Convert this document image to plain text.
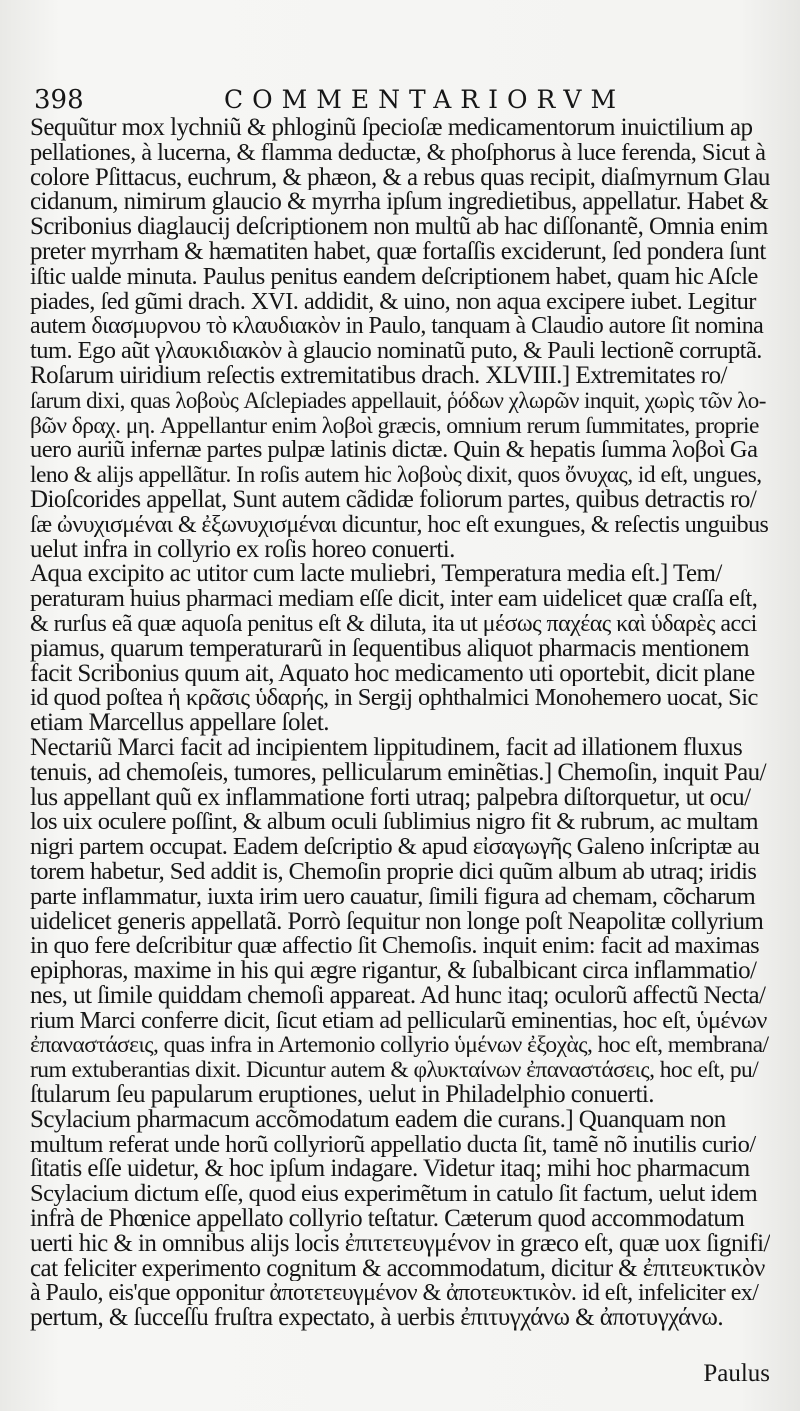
398	COMMENTARIORVM
Sequũtur mox lychniũ & phloginũ ſpecioſæ medicamentorum inuictilium ap
pellationes, à lucerna, & flamma deductæ, & phoſphorus à luce ferenda, Sicut à
colore Pſittacus, euchrum, & phæon, & a rebus quas recipit, diaſmyrnum Glau
cidanum, nimirum glaucio & myrrha ipſum ingredietibus, appellatur. Habet &
Scribonius diaglaucij deſcriptionem non multũ ab hac diſſonantẽ, Omnia enim
preter myrrham & hæmatiten habet, quæ fortaſſis exciderunt, ſed pondera ſunt
iſtic ualde minuta. Paulus penitus eandem deſcriptionem habet, quam hic Aſcle
piades, ſed gũmi drach. XVI. addidit, & uino, non aqua excipere iubet. Legitur
autem διασμυρνου τὸ κλαυδιακὸν in Paulo, tanquam à Claudio autore ſit nomina
tum. Ego aũt γλαυκιδιακὸν à glaucio nominatũ puto, & Pauli lectionẽ corruptã.
Roſarum uiridium reſectis extremitatibus drach. XLVIII.] Extremitates ro/
ſarum dixi, quas λοβοὺς Aſclepiades appellauit, ῥόδων χλωρῶν inquit, χωρὶς τῶν λο-
βῶν δραχ. μη. Appellantur enim λοβοὶ græcis, omnium rerum ſummitates, proprie
uero auriũ infernæ partes pulpæ latinis dictæ. Quin & hepatis ſumma λοβοὶ Ga
leno & alijs appellãtur. In roſis autem hic λοβοὺς dixit, quos ὄνυχας, id eſt, ungues,
Dioſcorides appellat, Sunt autem cãdidæ foliorum partes, quibus detractis ro/
ſæ ὠνυχισμέναι & ἐξωνυχισμέναι dicuntur, hoc eſt exungues, & reſectis unguibus
uelut infra in collyrio ex roſis horeo conuerti.
Aqua excipito ac utitor cum lacte muliebri, Temperatura media eſt.] Tem/
peraturam huius pharmaci mediam eſſe dicit, inter eam uidelicet quæ craſſa eſt,
& rurſus eã quæ aquoſa penitus eſt & diluta, ita ut μέσως παχέας καὶ ὑδαρὲς acci
piamus, quarum temperaturarũ in ſequentibus aliquot pharmacis mentionem
facit Scribonius quum ait, Aquato hoc medicamento uti oportebit, dicit plane
id quod poſtea ἡ κρᾶσις ὑδαρής, in Sergij ophthalmici Monohemero uocat, Sic
etiam Marcellus appellare ſolet.
Nectariũ Marci facit ad incipientem lippitudinem, facit ad illationem fluxus
tenuis, ad chemoſeis, tumores, pellicularum eminẽtias.] Chemoſin, inquit Pau/
lus appellant quũ ex inflammatione forti utraq; palpebra diſtorquetur, ut ocu/
los uix oculere poſſint, & album oculi ſublimius nigro fit & rubrum, ac multam
nigri partem occupat. Eadem deſcriptio & apud εἰσαγωγῆς Galeno inſcriptæ au
torem habetur, Sed addit is, Chemoſin proprie dici quũm album ab utraq; iridis
parte inflammatur, iuxta irim uero cauatur, ſimili figura ad chemam, cõcharum
uidelicet generis appellatã. Porrò ſequitur non longe poſt Neapolitæ collyrium
in quo fere deſcribitur quæ affectio ſit Chemoſis. inquit enim: facit ad maximas
epiphoras, maxime in his qui ægre rigantur, & ſubalbicant circa inflammatio/
nes, ut ſimile quiddam chemoſi appareat. Ad hunc itaq; oculorũ affectũ Necta/
rium Marci conferre dicit, ſicut etiam ad pellicularũ eminentias, hoc eſt, ὑμένων
ἐπαναστάσεις, quas infra in Artemonio collyrio ὑμένων ἐξοχὰς, hoc eſt, membrana/
rum extuberantias dixit. Dicuntur autem & φλυκταίνων ἐπαναστάσεις, hoc eſt, pu/
ſtularum ſeu papularum eruptiones, uelut in Philadelphio conuerti.
Scylacium pharmacum accõmodatum eadem die curans.] Quanquam non
multum referat unde horũ collyriorũ appellatio ducta ſit, tamẽ nõ inutilis curio/
ſitatis eſſe uidetur, & hoc ipſum indagare. Videtur itaq; mihi hoc pharmacum
Scylacium dictum eſſe, quod eius experimẽtum in catulo ſit factum, uelut idem
infrà de Phœnice appellato collyrio teſtatur. Cæterum quod accommodatum
uerti hic & in omnibus alijs locis ἐπιτετευγμένον in græco eſt, quæ uox ſignifi/
cat feliciter experimento cognitum & accommodatum, dicitur & ἐπιτευκτικὸν
à Paulo, eis'que opponitur ἀποτετευγμένον & ἀποτευκτικὸν. id eſt, infeliciter ex/
pertum, & ſucceſſu fruſtra expectato, à uerbis ἐπιτυγχάνω & ἀποτυγχάνω.
Paulus
